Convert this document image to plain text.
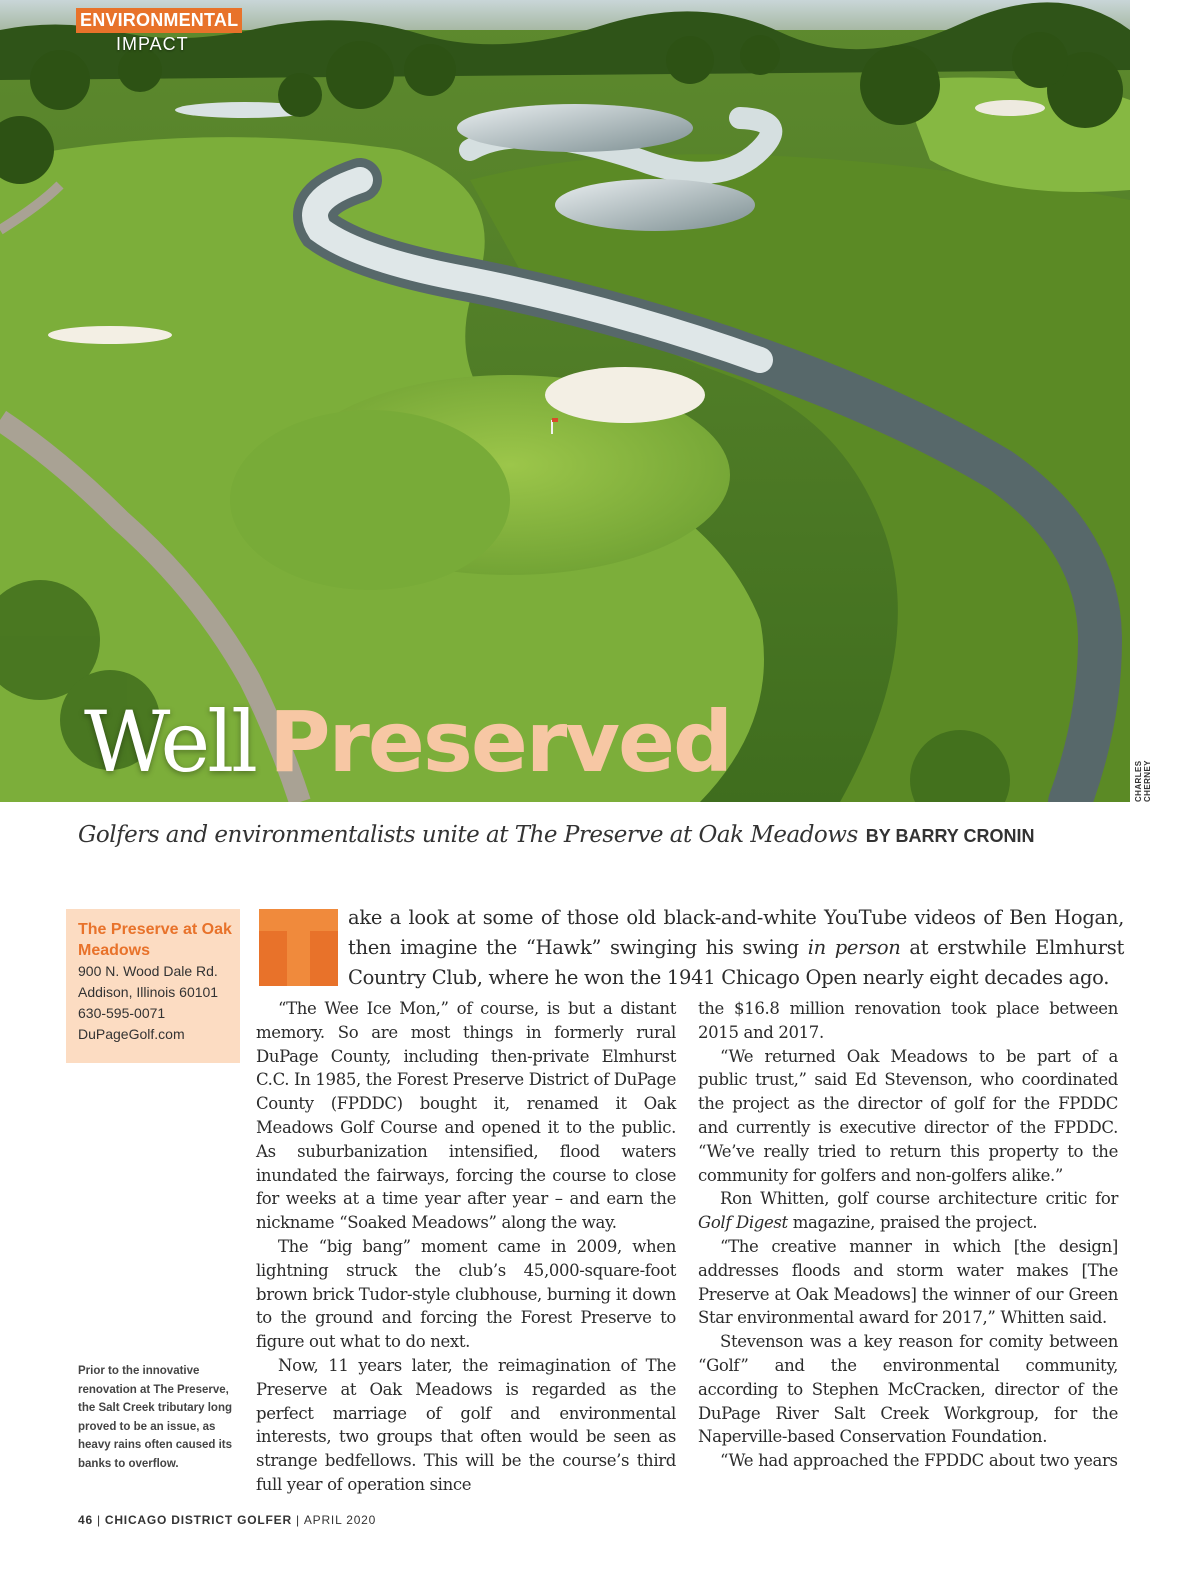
ENVIRONMENTAL
IMPACT
Well Preserved	CHARLES CHERNEY
Golfers and environmentalists unite at The Preserve at Oak Meadows BY BARRY CRONIN
The Preserve at Oak Meadows
900 N. Wood Dale Rd.
Addison, Illinois 60101
630-595-0071
DuPageGolf.com
Prior to the innovative renovation at The Preserve, the Salt Creek tributary long proved to be an issue, as heavy rains often caused its banks to overflow.
ake a look at some of those old black-and-white YouTube videos of Ben Hogan, then imagine the “Hawk” swinging his swing in person at erstwhile Elmhurst Country Club, where he won the 1941 Chicago Open nearly eight decades ago.

“The Wee Ice Mon,” of course, is but a distant memory. So are most things in formerly rural DuPage County, including then-private Elmhurst C.C. In 1985, the Forest Preserve District of DuPage County (FPDDC) bought it, renamed it Oak Meadows Golf Course and opened it to the public. As suburbanization intensified, flood waters inundated the fairways, forcing the course to close for weeks at a time year after year – and earn the nickname “Soaked Meadows” along the way.

The “big bang” moment came in 2009, when lightning struck the club’s 45,000-square-foot brown brick Tudor-style clubhouse, burning it down to the ground and forcing the Forest Preserve to figure out what to do next.

Now, 11 years later, the reimagination of The Preserve at Oak Meadows is regarded as the perfect marriage of golf and environmental interests, two groups that often would be seen as strange bedfellows. This will be the course’s third full year of operation since

the $16.8 million renovation took place between 2015 and 2017.

“We returned Oak Meadows to be part of a public trust,” said Ed Stevenson, who coordinated the project as the director of golf for the FPDDC and currently is executive director of the FPDDC. “We’ve really tried to return this property to the community for golfers and non-golfers alike.”

Ron Whitten, golf course architecture critic for Golf Digest magazine, praised the project.

“The creative manner in which [the design] addresses floods and storm water makes [The Preserve at Oak Meadows] the winner of our Green Star environmental award for 2017,” Whitten said.

Stevenson was a key reason for comity between “Golf” and the environmental community, according to Stephen McCracken, director of the DuPage River Salt Creek Workgroup, for the Naperville-based Conservation Foundation.

“We had approached the FPDDC about two years

46 | CHICAGO DISTRICT GOLFER | APRIL 2020
